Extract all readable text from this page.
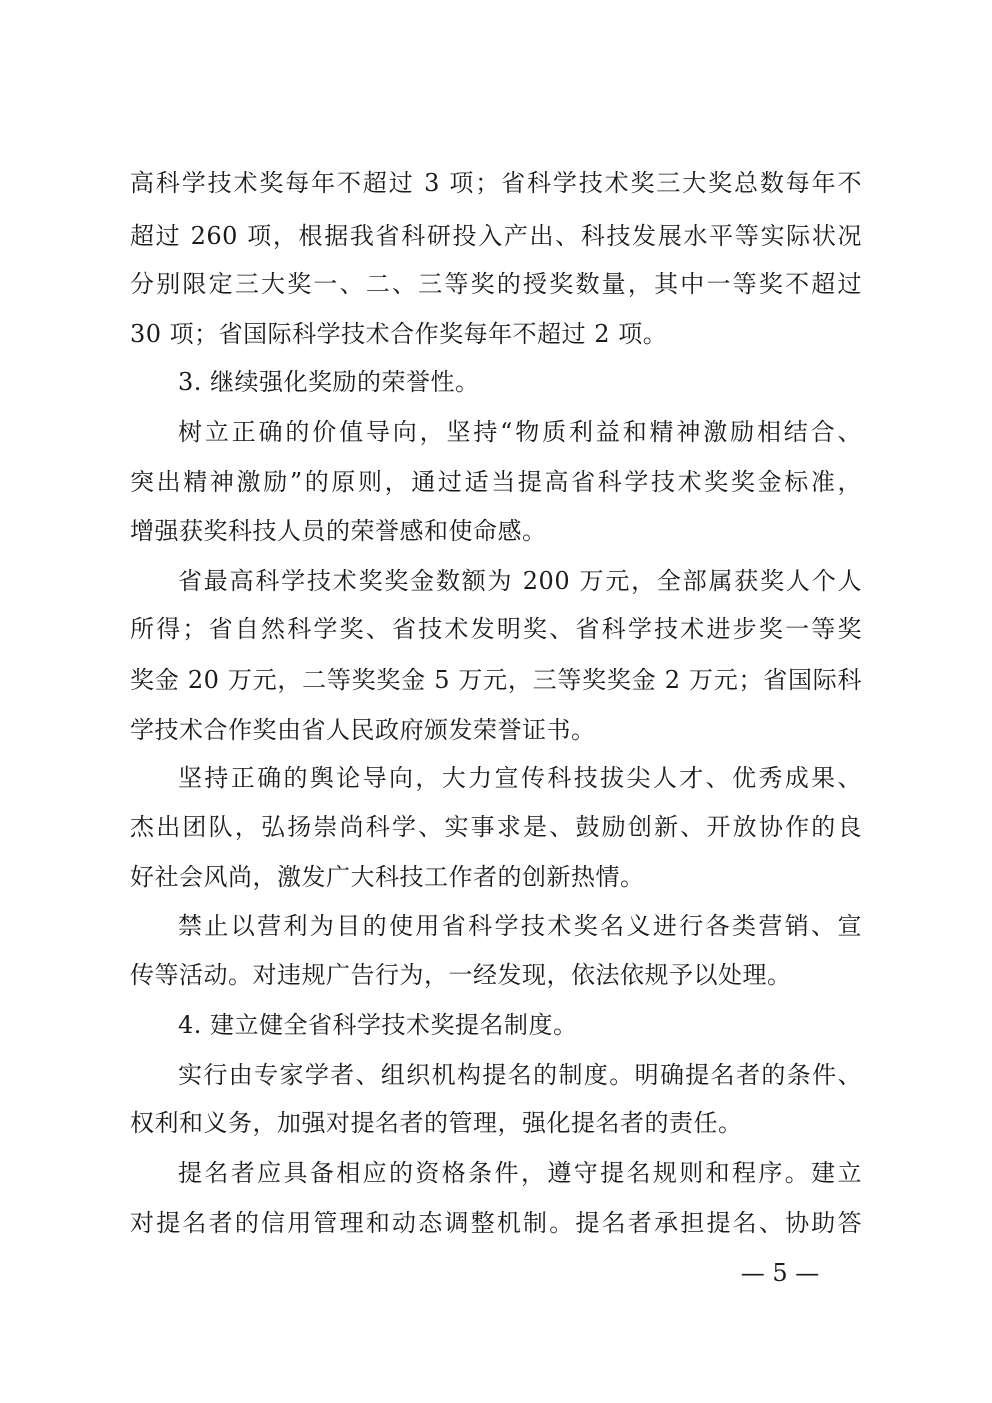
高科学技术奖每年不超过 3 项；省科学技术奖三大奖总数每年不
超过 260 项，根据我省科研投入产出、科技发展水平等实际状况
分别限定三大奖一、二、三等奖的授奖数量，其中一等奖不超过
30 项；省国际科学技术合作奖每年不超过 2 项。
3. 继续强化奖励的荣誉性。
树立正确的价值导向，坚持“物质利益和精神激励相结合、
突出精神激励”的原则，通过适当提高省科学技术奖奖金标准，
增强获奖科技人员的荣誉感和使命感。
省最高科学技术奖奖金数额为 200 万元，全部属获奖人个人
所得；省自然科学奖、省技术发明奖、省科学技术进步奖一等奖
奖金 20 万元，二等奖奖金 5 万元，三等奖奖金 2 万元；省国际科
学技术合作奖由省人民政府颁发荣誉证书。
坚持正确的舆论导向，大力宣传科技拔尖人才、优秀成果、
杰出团队，弘扬崇尚科学、实事求是、鼓励创新、开放协作的良
好社会风尚，激发广大科技工作者的创新热情。
禁止以营利为目的使用省科学技术奖名义进行各类营销、宣
传等活动。对违规广告行为，一经发现，依法依规予以处理。
4. 建立健全省科学技术奖提名制度。
实行由专家学者、组织机构提名的制度。明确提名者的条件、
权利和义务，加强对提名者的管理，强化提名者的责任。
提名者应具备相应的资格条件，遵守提名规则和程序。建立
对提名者的信用管理和动态调整机制。提名者承担提名、协助答
— 5 —
